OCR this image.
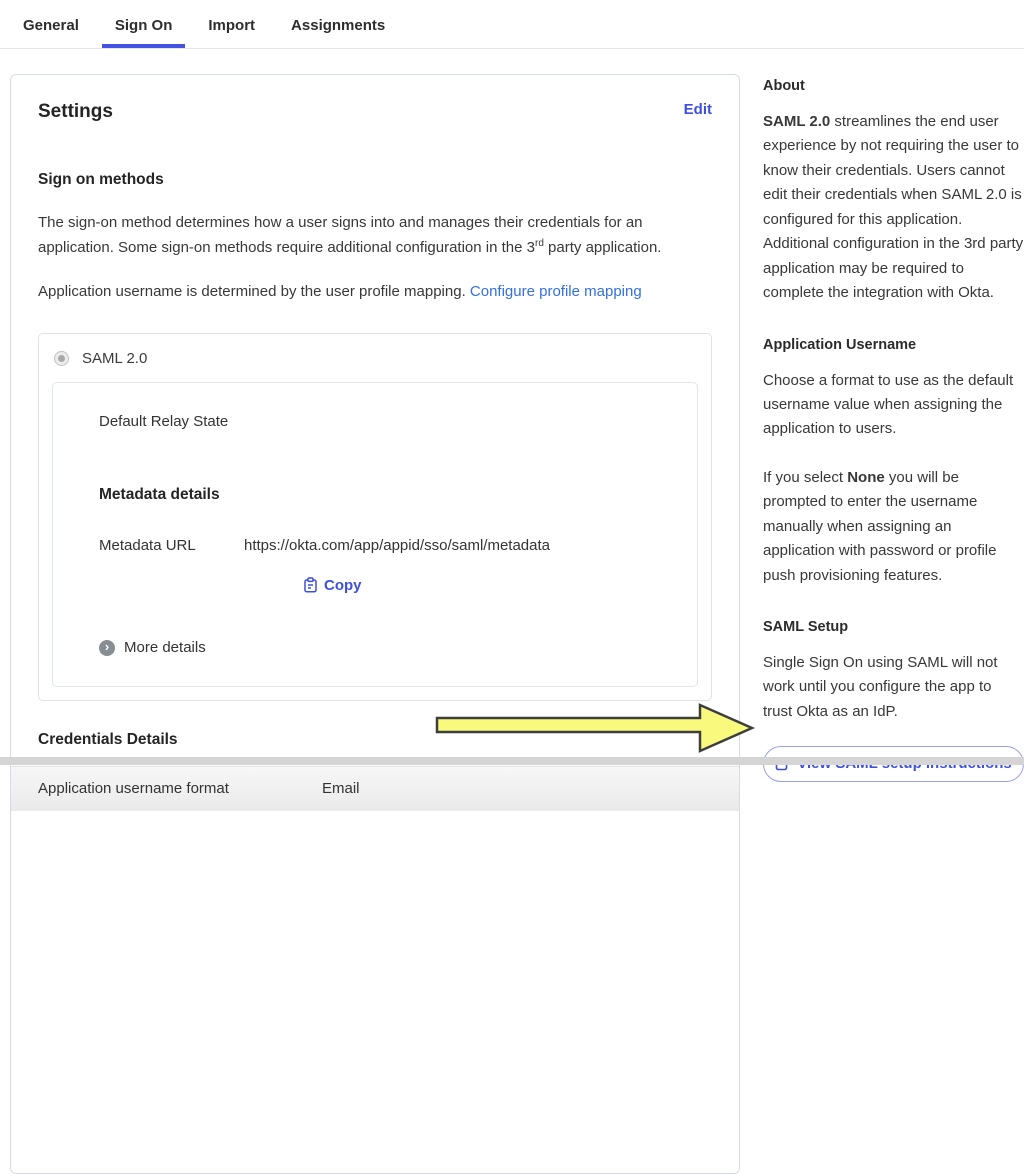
General	Sign On	Import	Assignments
Settings	Edit
Sign on methods

The sign-on method determines how a user signs into and manages their credentials for an application. Some sign-on methods require additional configuration in the 3rd party application.

Application username is determined by the user profile mapping. Configure profile mapping

SAML 2.0
Default Relay State
Metadata details
Metadata URL	https://okta.com/app/appid/sso/saml/metadata
Copy
› More details
Credentials Details
Application username format	Email
About

SAML 2.0 streamlines the end user experience by not requiring the user to know their credentials. Users cannot edit their credentials when SAML 2.0 is configured for this application. Additional configuration in the 3rd party application may be required to complete the integration with Okta.

Application Username

Choose a format to use as the default username value when assigning the application to users.

If you select None you will be prompted to enter the username manually when assigning an application with password or profile push provisioning features.

SAML Setup

Single Sign On using SAML will not work until you configure the app to trust Okta as an IdP.
